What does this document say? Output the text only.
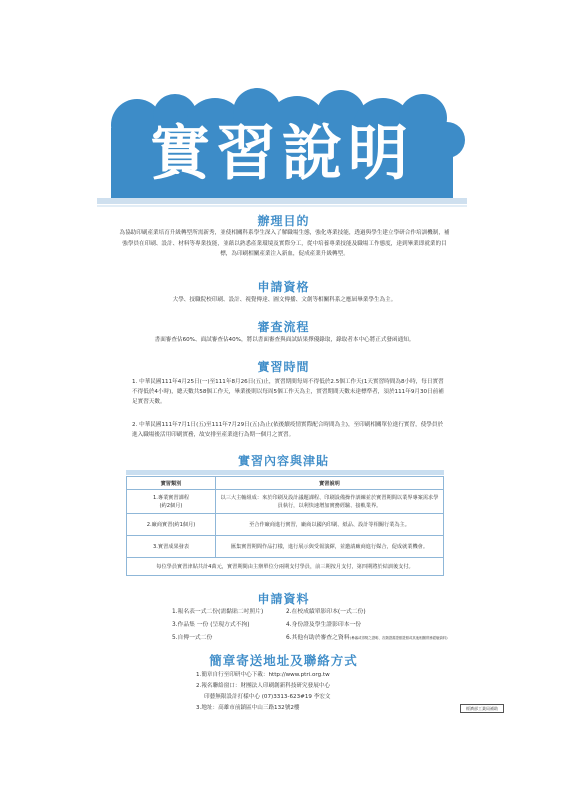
實習說明
辦理目的
為協助印刷產業培育升級轉型所需新秀，並使相關科系學生深入了解職場生態，強化專業技能，透過與學生建立學研合作培訓機制，補強學員在印刷、設計、材料等專業技能，並藉以熟悉產業環境及實際分工，從中培養專業技能及職場工作態度，達到畢業即就業的目標，為印刷相關產業注入新血，促成產業升級轉型。
申請資格
大學、技職院校印刷、設計、視覺傳達、圖文傳播、文創等相關科系之應屆畢業學生為主。
審查流程
書面審查佔60%、面試審查佔40%，將以書面審查與面試結果擇優錄取，錄取者本中心將正式發函通知。
實習時間
1. 中華民國111年4月25日(一)至111年8月26日(五)止，實習期間每周不得低於2.5個工作天(1天實習時間為8小時，每日實習不得低於4小時)，總天數共58個工作天，畢業後則以每周5個工作天為主，實習期間天數未達標準者，須於111年9月30日前補足實習天數。
2. 中華民國111年7月1日(五)至111年7月29日(五)為止(依後續疫情實際配合時間為主)，至印刷相關單位進行實習，使學員於進入職場後活用印刷實務，故安排至產業進行為期一個月之實習。
實習內容與津貼
實習類別	實習說明
1.專業實習課程
(約2個月)	以三大主軸組成：來於印刷及設計議題課程、印刷設備操作訓練並於實習期間以業界專案需求學員執行，以利快速增加實務經驗、接軌業界。
2.廠商實習(約1個月)	至合作廠商進行實習，廠商以國內印刷、紙品、設計等相關行業為主。
3.實習成果發表	匯集實習期間作品打樣，進行展示與受報演繹，並邀請廠商進行媒合，促成就業機會。
每位學員實習津貼共計4萬元，實習期間由主辦單位分兩期支付學員，前三期按月支付，第四期將於結訓後支付。	
申請資料
1.報名表一式二份(需黏貼二吋照片)	2.在校成績單影印本(一式二份)
3.作品集 一份 (呈現方式不拘)	4.身份證及學生證影印本一份
5.自傳一式二份	6.其他有助於審查之資料 (參審或得獎之證明、各類證書證照證照或其他相關實務經驗資料)
簡章寄送地址及聯絡方式
1.簡章自行至印研中心下載：http://www.ptri.org.tw
2.報名聯絡窗口：財團法人印刷創新科技研究發展中心
印藝無限設計打樣中心 (07)3313-623#19 李宏文
3.地址：高雄市前鎮區中山三路132號2樓	經濟部工業局補助
